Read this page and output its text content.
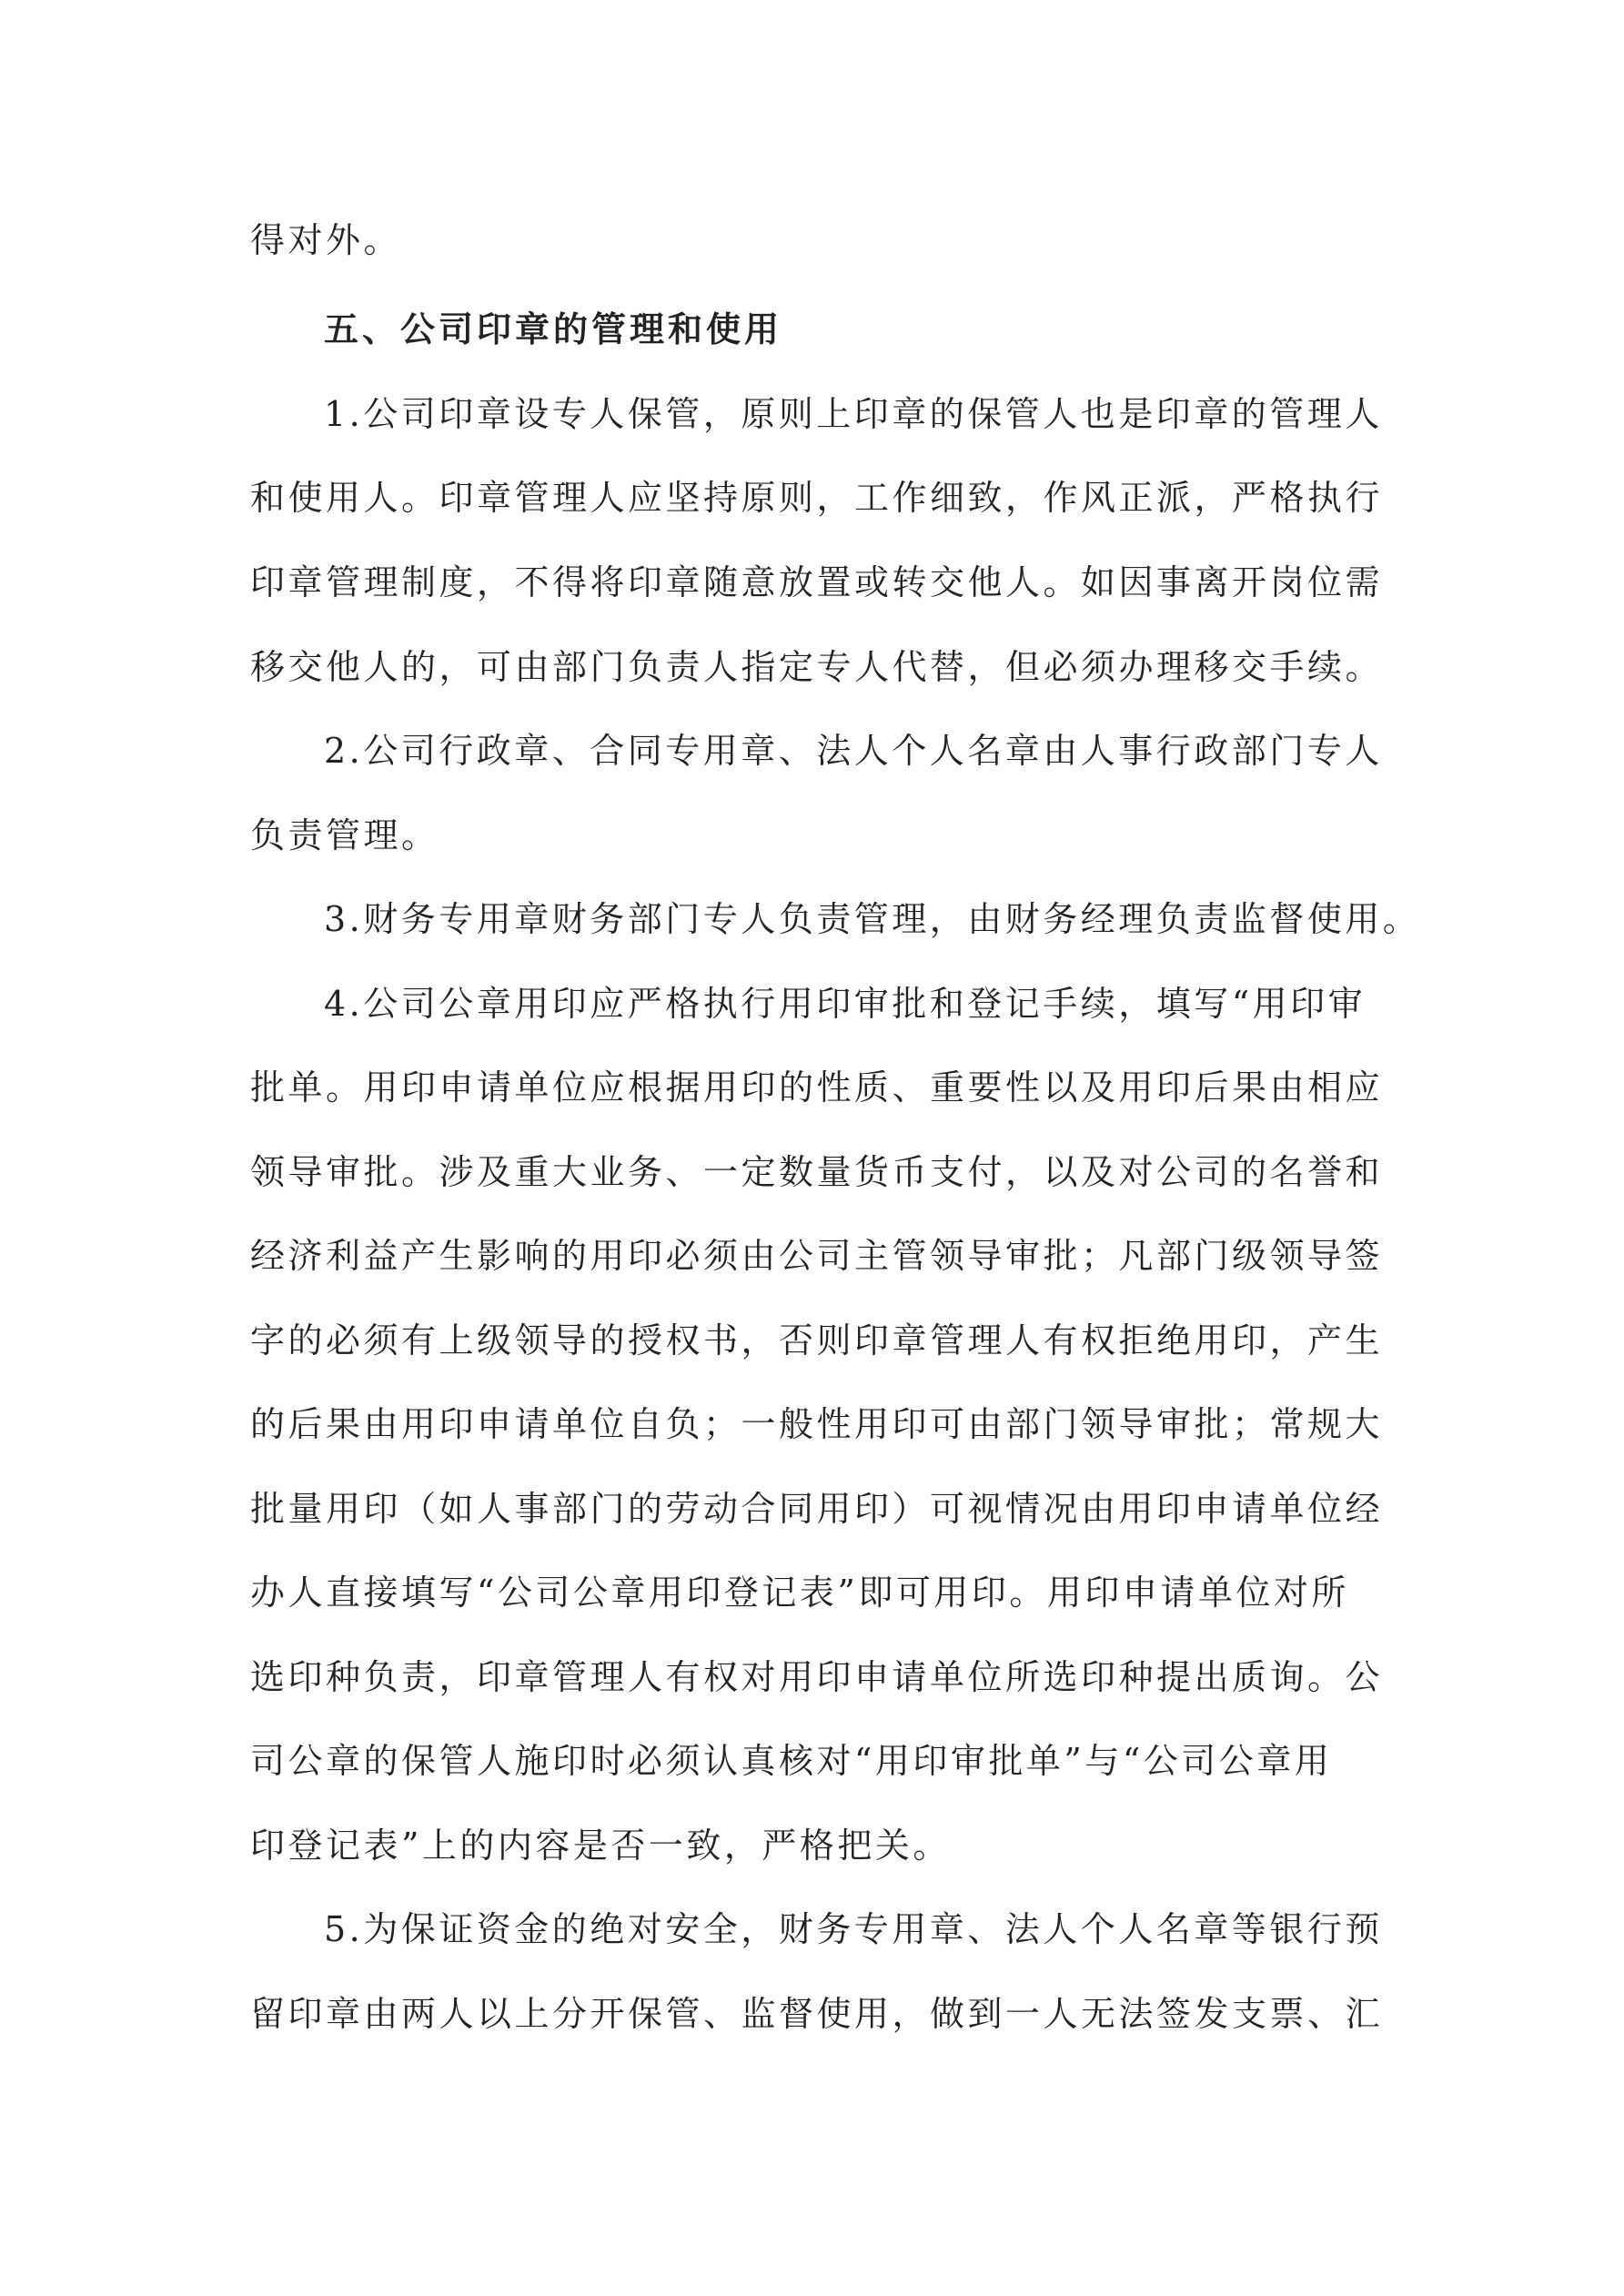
得对外。
五、公司印章的管理和使用
1.公司印章设专人保管，原则上印章的保管人也是印章的管理人
和使用人。印章管理人应坚持原则，工作细致，作风正派，严格执行
印章管理制度，不得将印章随意放置或转交他人。如因事离开岗位需
移交他人的，可由部门负责人指定专人代替，但必须办理移交手续。
2.公司行政章、合同专用章、法人个人名章由人事行政部门专人
负责管理。
3.财务专用章财务部门专人负责管理，由财务经理负责监督使用。
4.公司公章用印应严格执行用印审批和登记手续，填写“用印审
批单。用印申请单位应根据用印的性质、重要性以及用印后果由相应
领导审批。涉及重大业务、一定数量货币支付，以及对公司的名誉和
经济利益产生影响的用印必须由公司主管领导审批；凡部门级领导签
字的必须有上级领导的授权书，否则印章管理人有权拒绝用印，产生
的后果由用印申请单位自负；一般性用印可由部门领导审批；常规大
批量用印（如人事部门的劳动合同用印）可视情况由用印申请单位经
办人直接填写“公司公章用印登记表”即可用印。用印申请单位对所
选印种负责，印章管理人有权对用印申请单位所选印种提出质询。公
司公章的保管人施印时必须认真核对“用印审批单”与“公司公章用
印登记表”上的内容是否一致，严格把关。
5.为保证资金的绝对安全，财务专用章、法人个人名章等银行预
留印章由两人以上分开保管、监督使用，做到一人无法签发支票、汇
